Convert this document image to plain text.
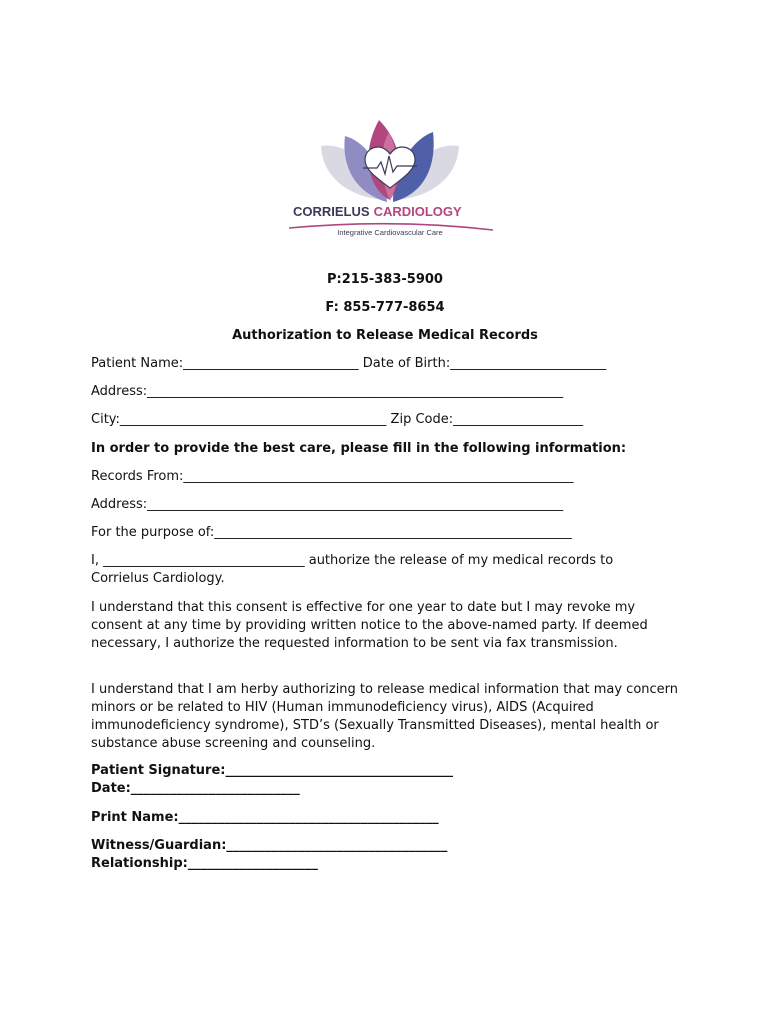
CORRIELUS CARDIOLOGY
Integrative Cardiovascular Care

P:215-383-5900

F: 855-777-8654

Authorization to Release Medical Records

Patient Name:___________________________ Date of Birth:________________________

Address:________________________________________________________________

City:_________________________________________ Zip Code:____________________

In order to provide the best care, please fill in the following information:

Records From:____________________________________________________________

Address:________________________________________________________________

For the purpose of:_______________________________________________________

I, _______________________________ authorize the release of my medical records to

Corrielus Cardiology.

I understand that this consent is effective for one year to date but I may revoke my consent at any time by providing written notice to the above-named party. If deemed necessary, I authorize the requested information to be sent via fax transmission.

I understand that I am herby authorizing to release medical information that may concern minors or be related to HIV (Human immunodeficiency virus), AIDS (Acquired immunodeficiency syndrome), STD’s (Sexually Transmitted Diseases), mental health or substance abuse screening and counseling.

Patient Signature:___________________________________

Date:__________________________

Print Name:________________________________________

Witness/Guardian:__________________________________

Relationship:____________________
